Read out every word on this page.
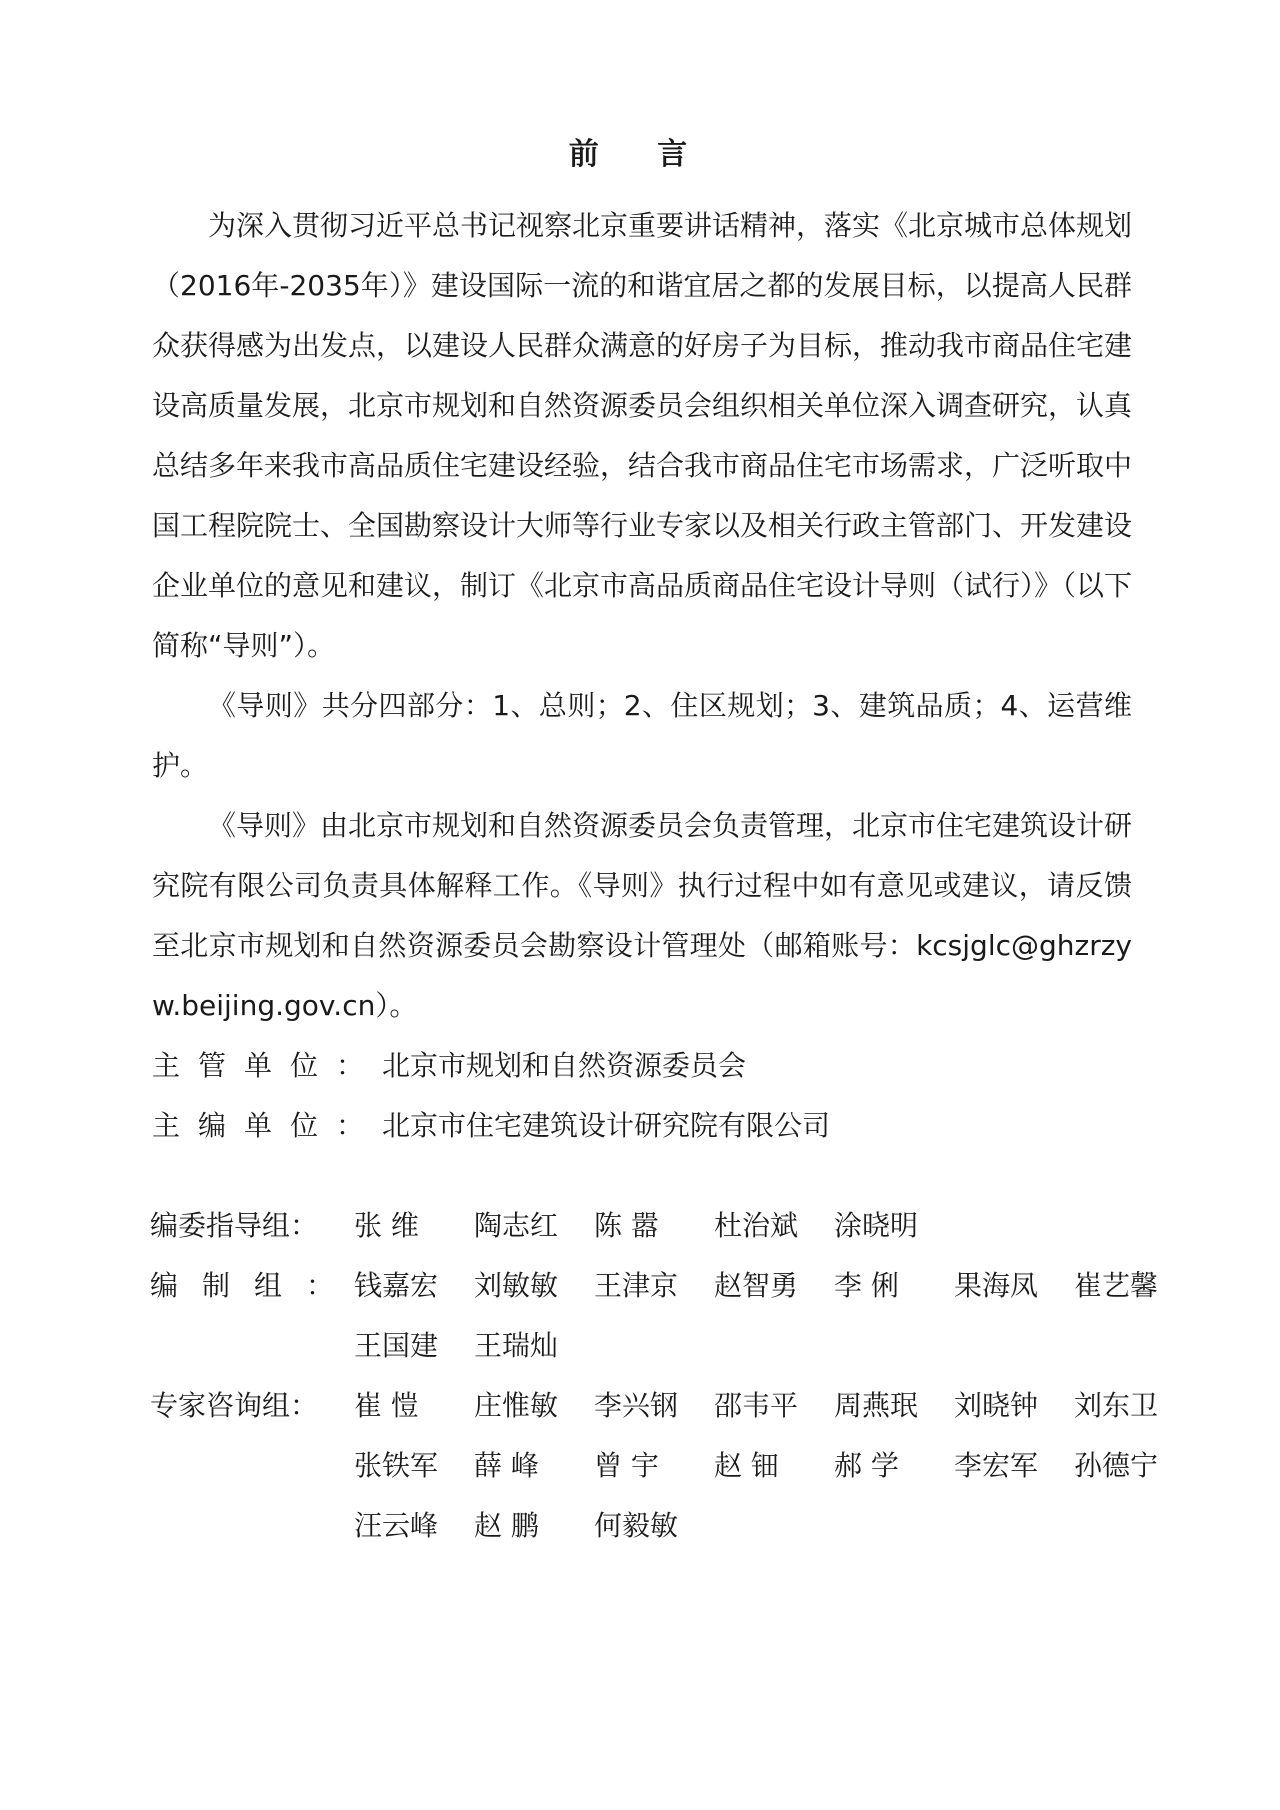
前 言

为深入贯彻习近平总书记视察北京重要讲话精神，落实《北京城市总体规划（2016年-2035年）》建设国际一流的和谐宜居之都的发展目标，以提高人民群众获得感为出发点，以建设人民群众满意的好房子为目标，推动我市商品住宅建设高质量发展，北京市规划和自然资源委员会组织相关单位深入调查研究，认真总结多年来我市高品质住宅建设经验，结合我市商品住宅市场需求，广泛听取中国工程院院士、全国勘察设计大师等行业专家以及相关行政主管部门、开发建设企业单位的意见和建议，制订《北京市高品质商品住宅设计导则（试行）》（以下简称“导则”）。

《导则》共分四部分：1、总则；2、住区规划；3、建筑品质；4、运营维护。

《导则》由北京市规划和自然资源委员会负责管理，北京市住宅建筑设计研究院有限公司负责具体解释工作。《导则》执行过程中如有意见或建议，请反馈至北京市规划和自然资源委员会勘察设计管理处（邮箱账号：kcsjglc@ghzrzyw.beijing.gov.cn）。

主管单位：北京市规划和自然资源委员会
主编单位：北京市住宅建筑设计研究院有限公司
编委指导组： 张 维 陶志红 陈 嚣 杜治斌 涂晓明
编制组：
钱嘉宏 刘敏敏 王津京 赵智勇 李 俐 果海凤 崔艺馨王国建 王瑞灿
专家咨询组： 崔 愷 庄惟敏 李兴钢 邵韦平 周燕珉 刘晓钟 刘东卫张铁军 薛 峰 曾 宇 赵 钿 郝 学 李宏军 孙德宁汪云峰 赵 鹏 何毅敏
